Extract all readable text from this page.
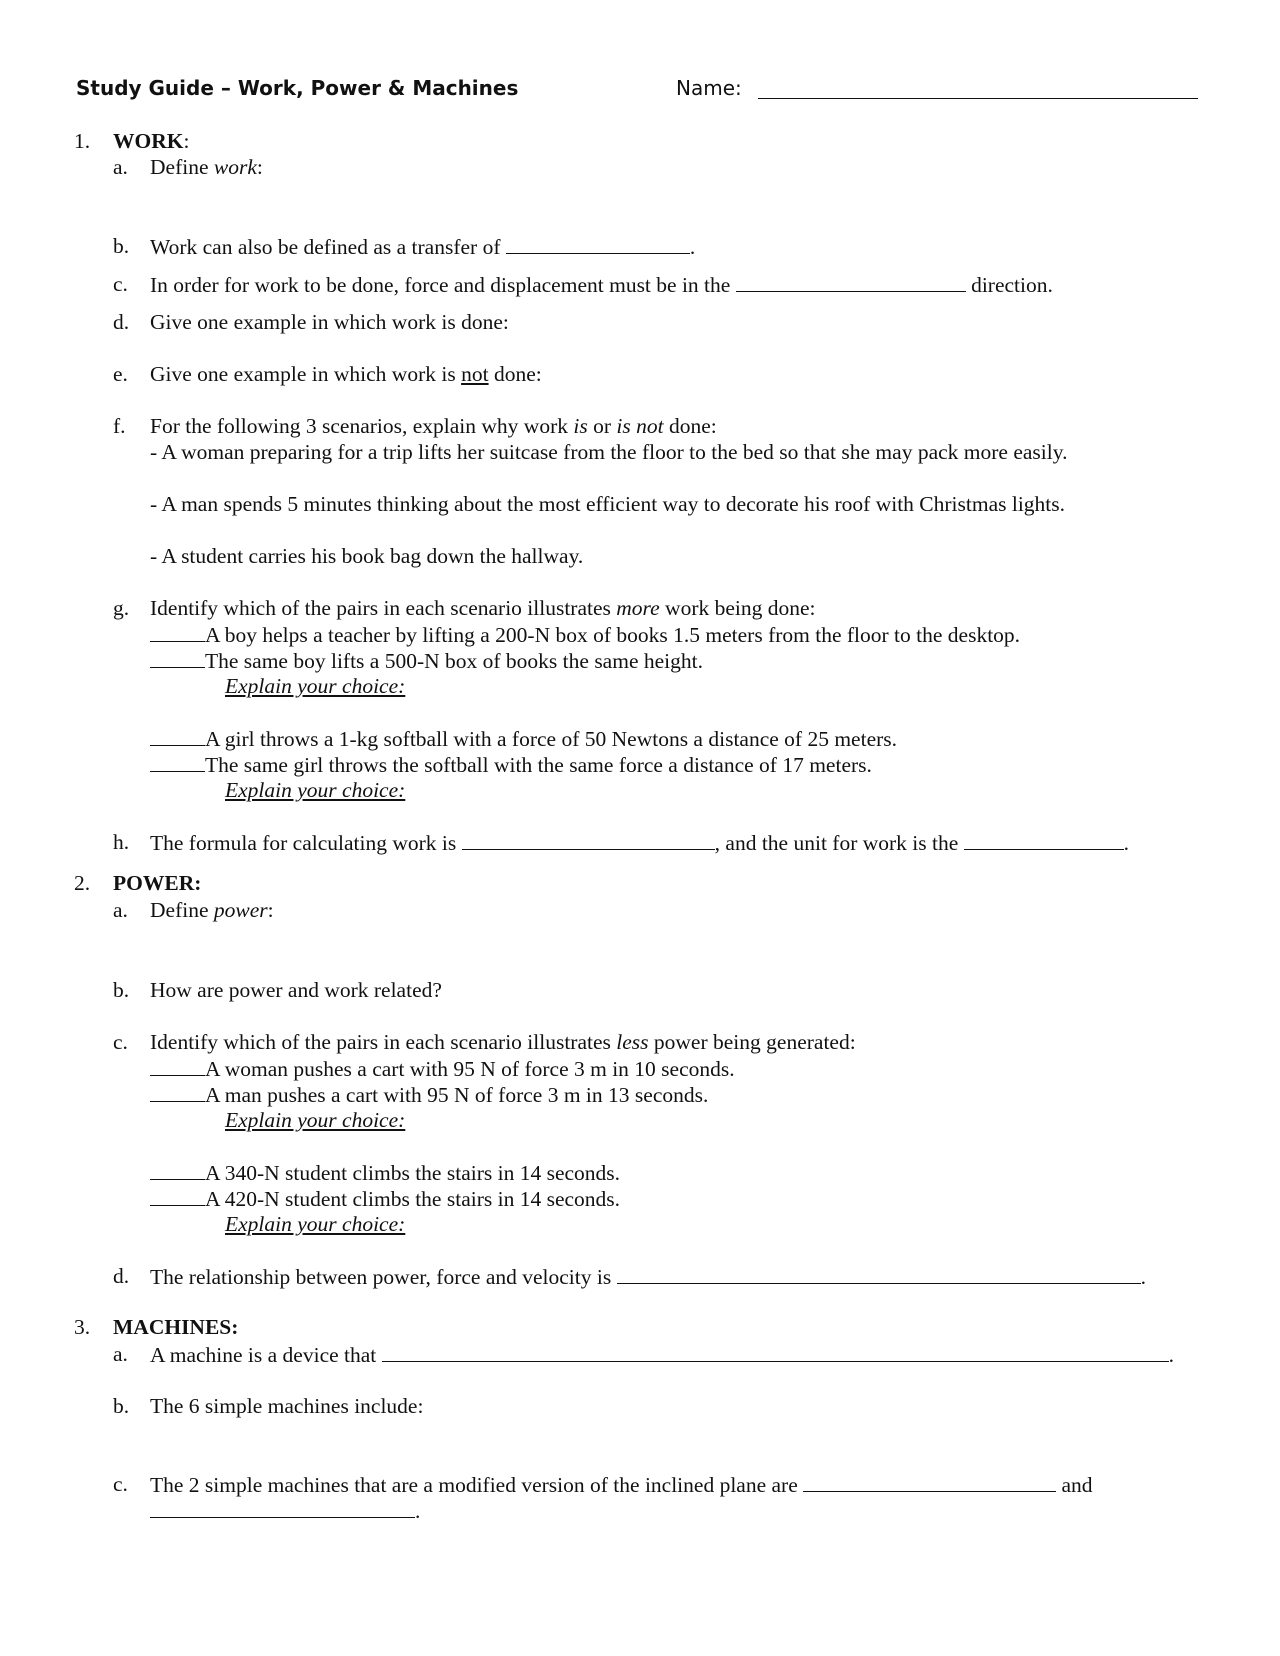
Study Guide – Work, Power & Machines	Name:
1. WORK:
a. Define work:
b. Work can also be defined as a transfer of	.
c. In order for work to be done, force and displacement must be in the	direction.
d. Give one example in which work is done:
e. Give one example in which work is not done:
f. For the following 3 scenarios, explain why work is or is not done:
- A woman preparing for a trip lifts her suitcase from the floor to the bed so that she may pack more easily.
- A man spends 5 minutes thinking about the most efficient way to decorate his roof with Christmas lights.
- A student carries his book bag down the hallway.
g. Identify which of the pairs in each scenario illustrates more work being done:
A boy helps a teacher by lifting a 200-N box of books 1.5 meters from the floor to the desktop.
The same boy lifts a 500-N box of books the same height.
Explain your choice:
A girl throws a 1-kg softball with a force of 50 Newtons a distance of 25 meters.
The same girl throws the softball with the same force a distance of 17 meters.
Explain your choice:
h. The formula for calculating work is	, and the unit for work is the	.
2. POWER:
a. Define power:
b. How are power and work related?
c. Identify which of the pairs in each scenario illustrates less power being generated:
A woman pushes a cart with 95 N of force 3 m in 10 seconds.
A man pushes a cart with 95 N of force 3 m in 13 seconds.
Explain your choice:
A 340-N student climbs the stairs in 14 seconds.
A 420-N student climbs the stairs in 14 seconds.
Explain your choice:
d. The relationship between power, force and velocity is	.
3. MACHINES:
a. A machine is a device that	.
b. The 6 simple machines include:
c. The 2 simple machines that are a modified version of the inclined plane are	and
.
